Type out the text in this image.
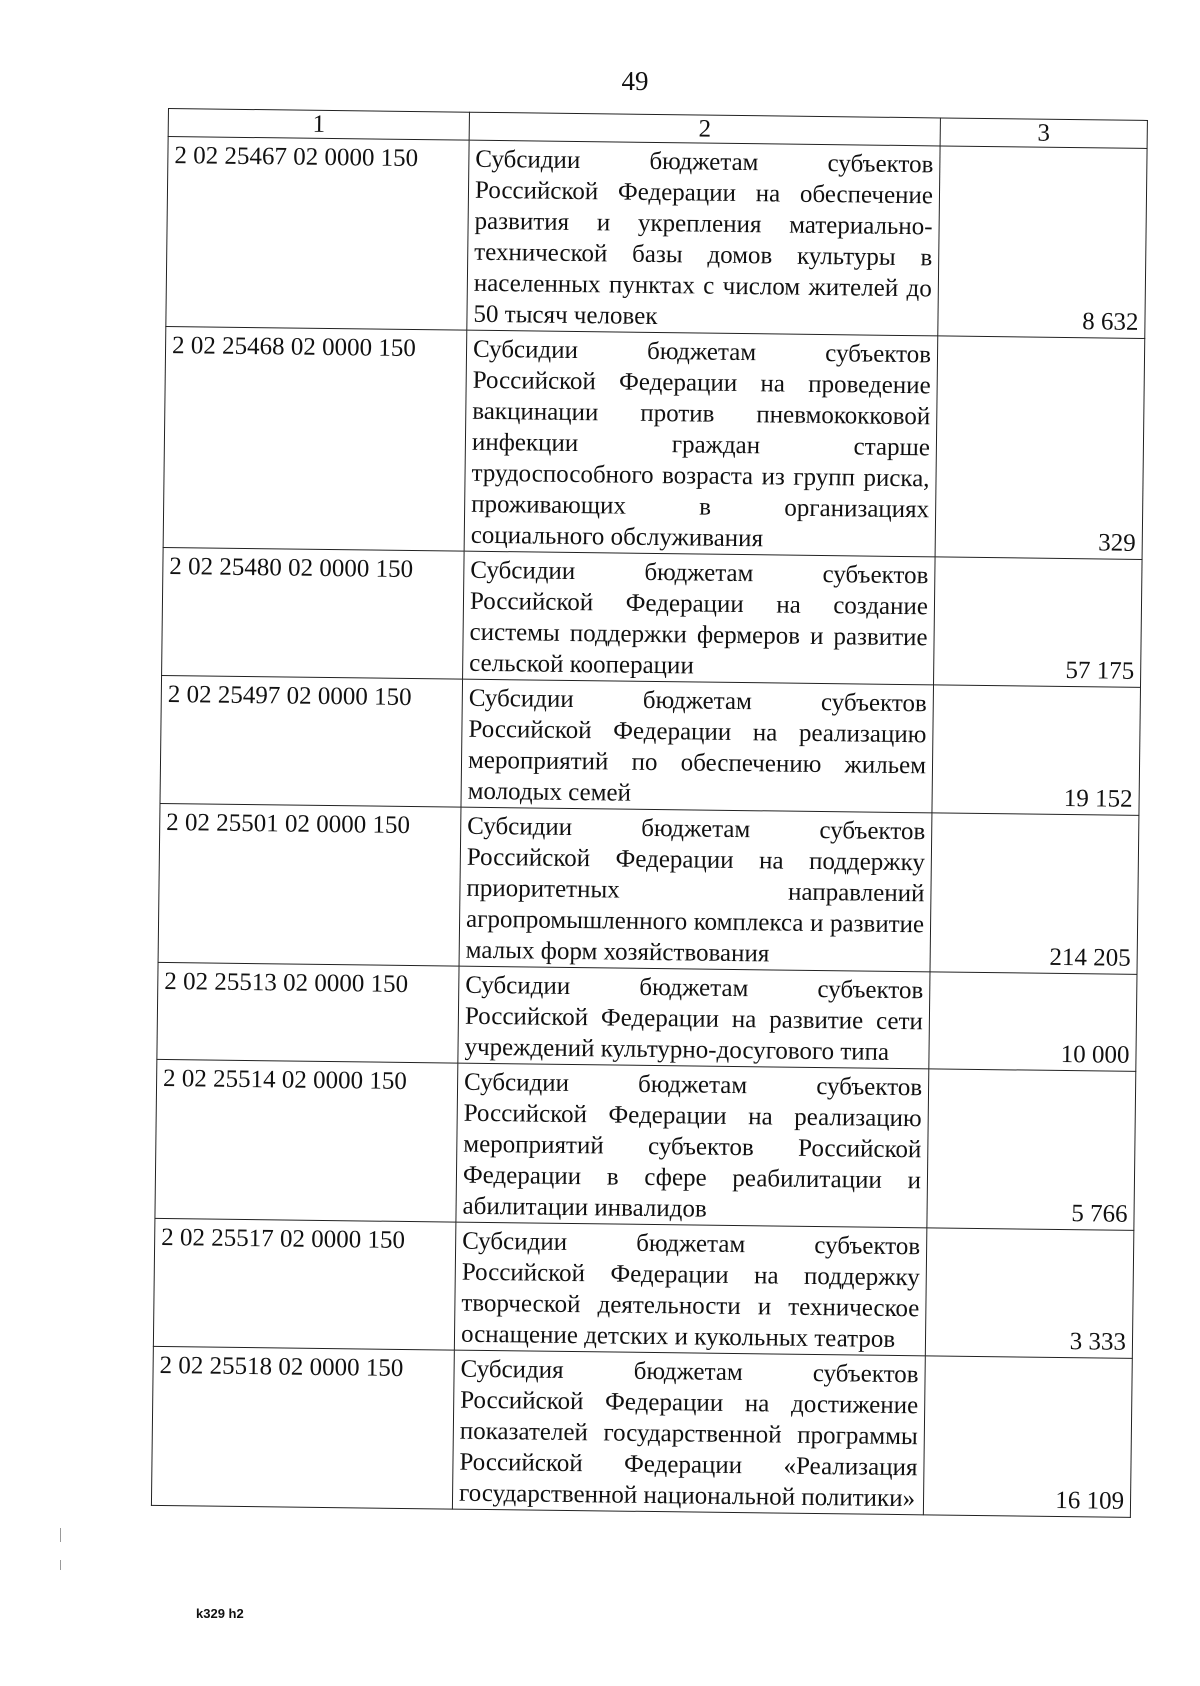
49
1	2	3
2 02 25467 02 0000 150	Субсидии бюджетам субъектов Российской Федерации на обеспечение развития и укрепления материально-технической базы домов культуры в населенных пунктах с числом жителей до 50 тысяч человек	8 632
2 02 25468 02 0000 150	Субсидии бюджетам субъектов Российской Федерации на проведение вакцинации против пневмококковой инфекции граждан старше трудоспособного возраста из групп риска, проживающих в организациях социального обслуживания	329
2 02 25480 02 0000 150	Субсидии бюджетам субъектов Российской Федерации на создание системы поддержки фермеров и развитие сельской кооперации	57 175
2 02 25497 02 0000 150	Субсидии бюджетам субъектов Российской Федерации на реализацию мероприятий по обеспечению жильем молодых семей	19 152
2 02 25501 02 0000 150	Субсидии бюджетам субъектов Российской Федерации на поддержку приоритетных направлений агропромышленного комплекса и развитие малых форм хозяйствования	214 205
2 02 25513 02 0000 150	Субсидии бюджетам субъектов Российской Федерации на развитие сети учреждений культурно-досугового типа	10 000
2 02 25514 02 0000 150	Субсидии бюджетам субъектов Российской Федерации на реализацию мероприятий субъектов Российской Федерации в сфере реабилитации и абилитации инвалидов	5 766
2 02 25517 02 0000 150	Субсидии бюджетам субъектов Российской Федерации на поддержку творческой деятельности и техническое оснащение детских и кукольных театров	3 333
2 02 25518 02 0000 150	Субсидия бюджетам субъектов Российской Федерации на достижение показателей государственной программы Российской Федерации «Реализация государственной национальной политики»	16 109
k329 h2
